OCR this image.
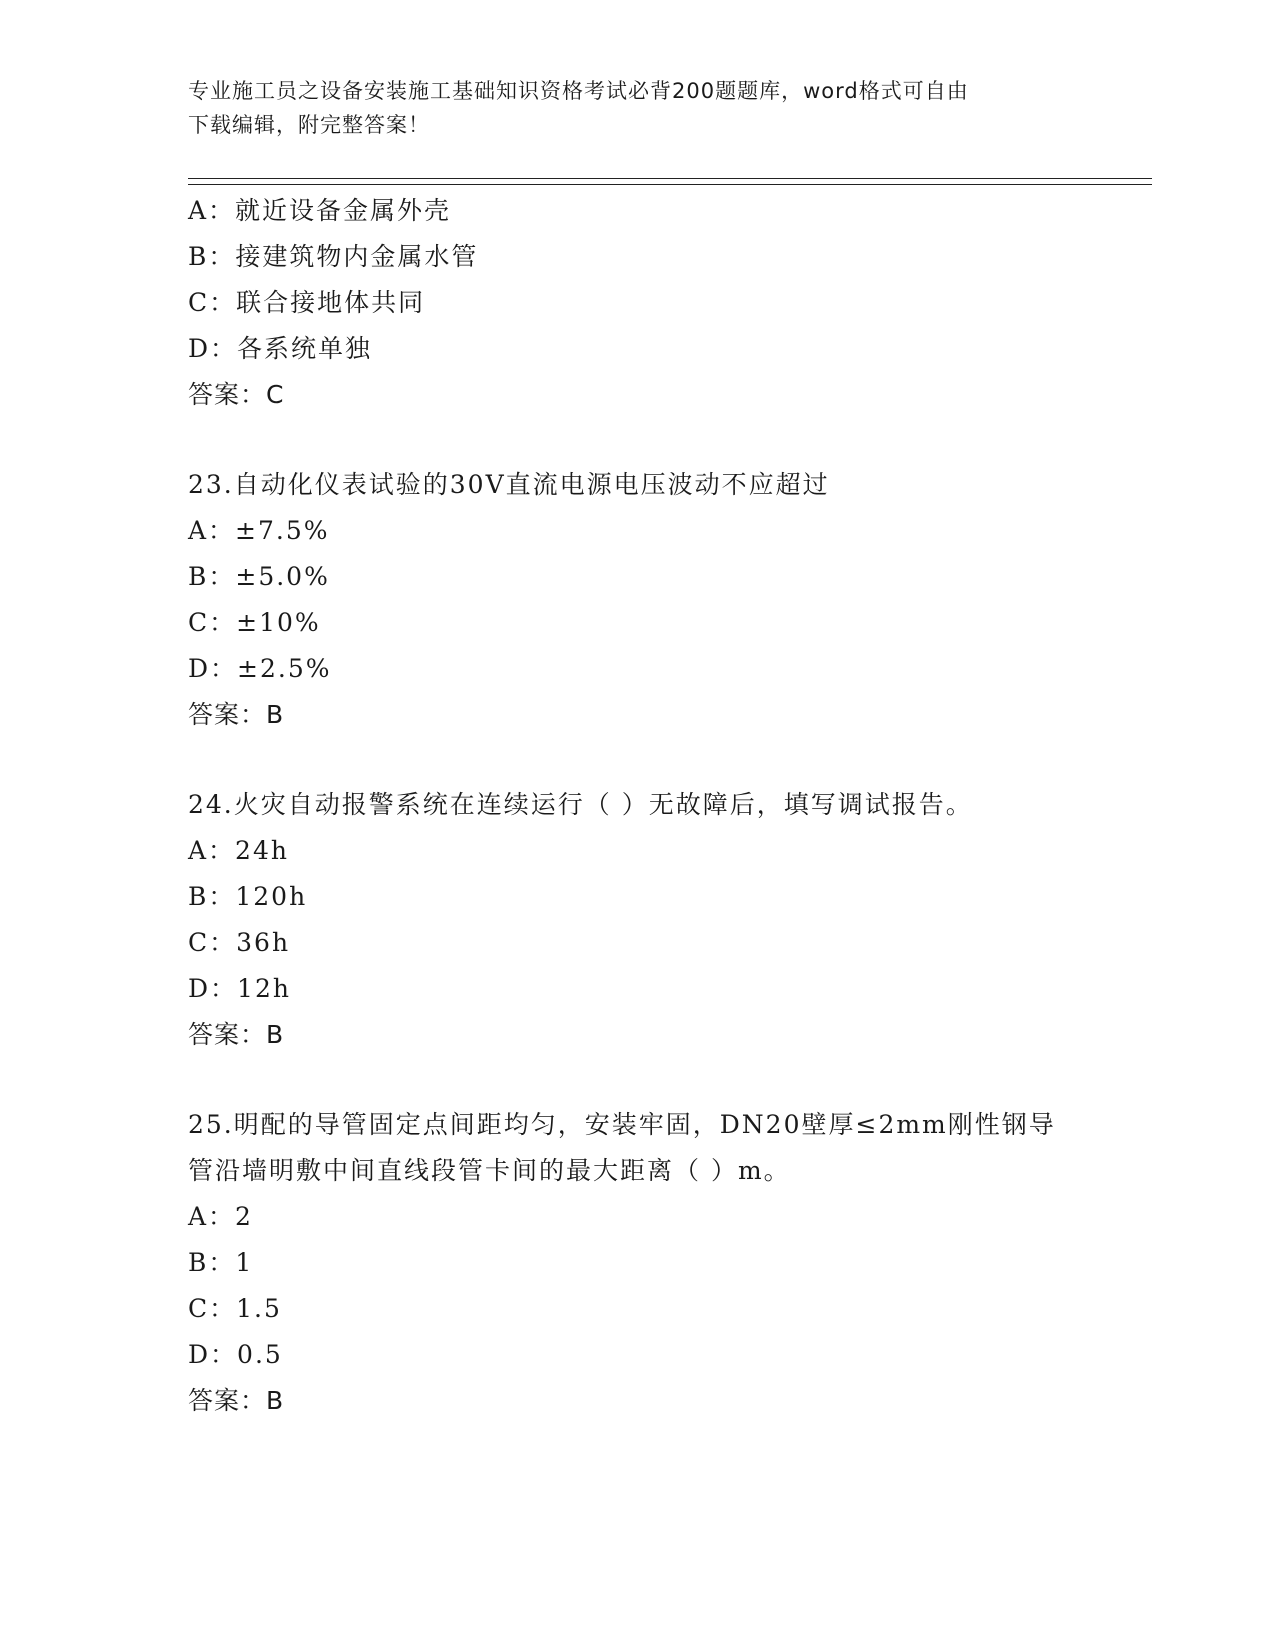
专业施工员之设备安装施工基础知识资格考试必背200题题库，word格式可自由
下载编辑，附完整答案！
A：就近设备金属外壳
B：接建筑物内金属水管
C：联合接地体共同
D：各系统单独
答案：C
23.自动化仪表试验的30V直流电源电压波动不应超过
A：±7.5%
B：±5.0%
C：±10%
D：±2.5%
答案：B
24.火灾自动报警系统在连续运行（ ）无故障后，填写调试报告。
A：24h
B：120h
C：36h
D：12h
答案：B
25.明配的导管固定点间距均匀，安装牢固，DN20壁厚≤2mm刚性钢导
管沿墙明敷中间直线段管卡间的最大距离（ ）m。
A：2
B：1
C：1.5
D：0.5
答案：B
